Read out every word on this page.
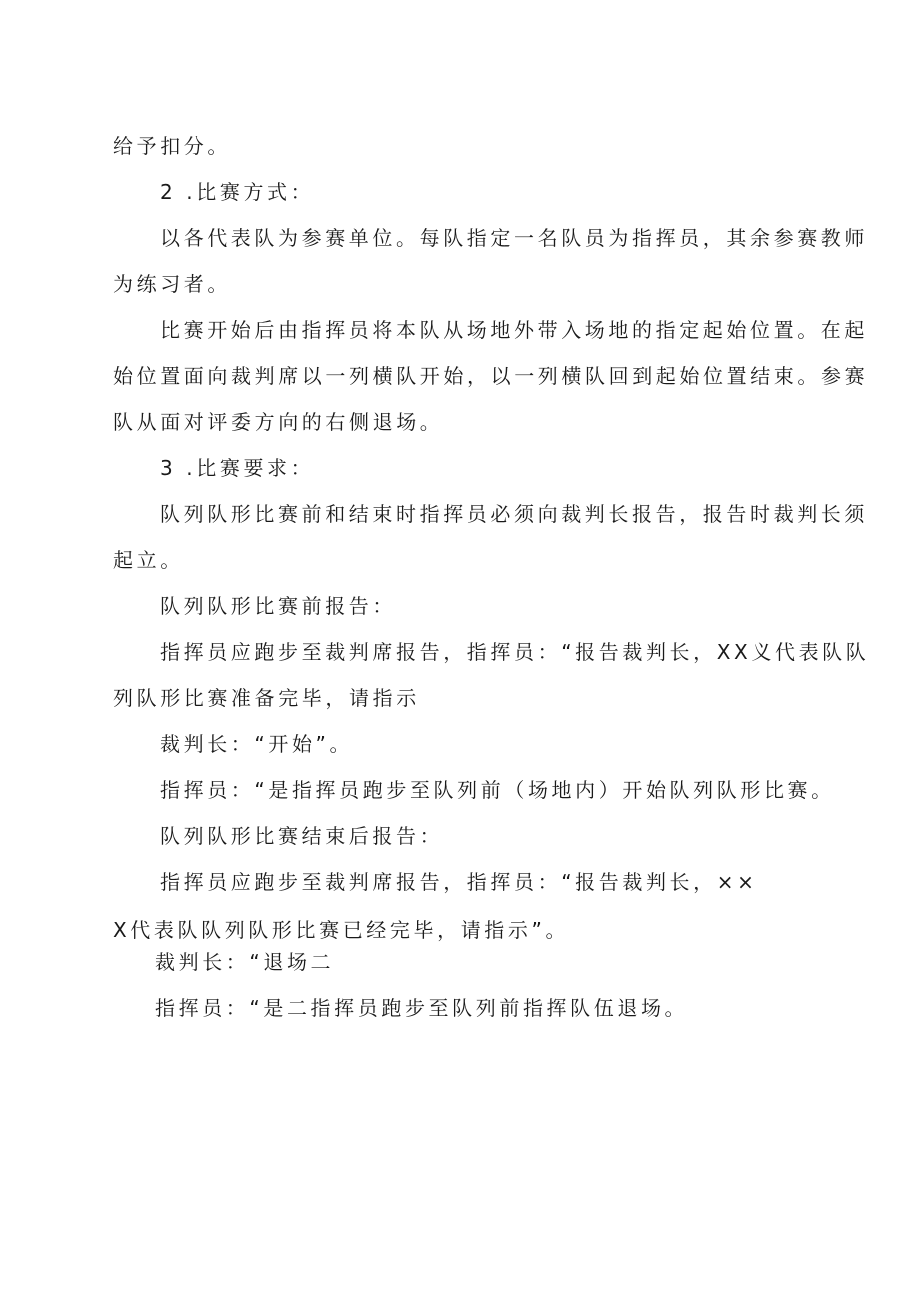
给予扣分。
2 .比赛方式：
以各代表队为参赛单位。每队指定一名队员为指挥员，其余参赛教师
为练习者。
比赛开始后由指挥员将本队从场地外带入场地的指定起始位置。在起
始位置面向裁判席以一列横队开始，以一列横队回到起始位置结束。参赛
队从面对评委方向的右侧退场。
3 .比赛要求：
队列队形比赛前和结束时指挥员必须向裁判长报告，报告时裁判长须
起立。
队列队形比赛前报告：
指挥员应跑步至裁判席报告，指挥员：“报告裁判长，XX义代表队队
列队形比赛准备完毕，请指示
裁判长：“开始”。
指挥员：“是指挥员跑步至队列前（场地内）开始队列队形比赛。
队列队形比赛结束后报告：
指挥员应跑步至裁判席报告，指挥员：“报告裁判长，××
X代表队队列队形比赛已经完毕，请指示”。
裁判长：“退场二
指挥员：“是二指挥员跑步至队列前指挥队伍退场。
